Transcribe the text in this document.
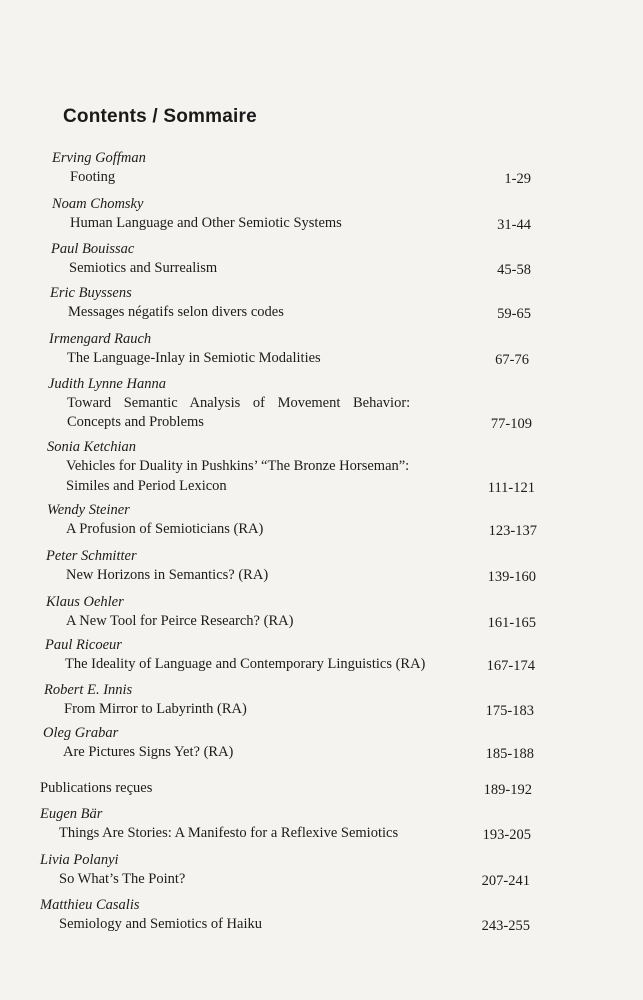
Contents / Sommaire
Erving Goffman
Footing	1-29
Noam Chomsky
Human Language and Other Semiotic Systems	31-44
Paul Bouissac
Semiotics and Surrealism	45-58
Eric Buyssens
Messages négatifs selon divers codes	59-65
Irmengard Rauch
The Language-Inlay in Semiotic Modalities	67-76
Judith Lynne Hanna
Toward Semantic Analysis of Movement Behavior:
Concepts and Problems	77-109
Sonia Ketchian
Vehicles for Duality in Pushkins’ “The Bronze Horseman”:
Similes and Period Lexicon	111-121
Wendy Steiner
A Profusion of Semioticians (RA)	123-137
Peter Schmitter
New Horizons in Semantics? (RA)	139-160
Klaus Oehler
A New Tool for Peirce Research? (RA)	161-165
Paul Ricoeur
The Ideality of Language and Contemporary Linguistics (RA)	167-174
Robert E. Innis
From Mirror to Labyrinth (RA)	175-183
Oleg Grabar
Are Pictures Signs Yet? (RA)	185-188
Publications reçues	189-192
Eugen Bär
Things Are Stories: A Manifesto for a Reflexive Semiotics	193-205
Livia Polanyi
So What’s The Point?	207-241
Matthieu Casalis
Semiology and Semiotics of Haiku	243-255
